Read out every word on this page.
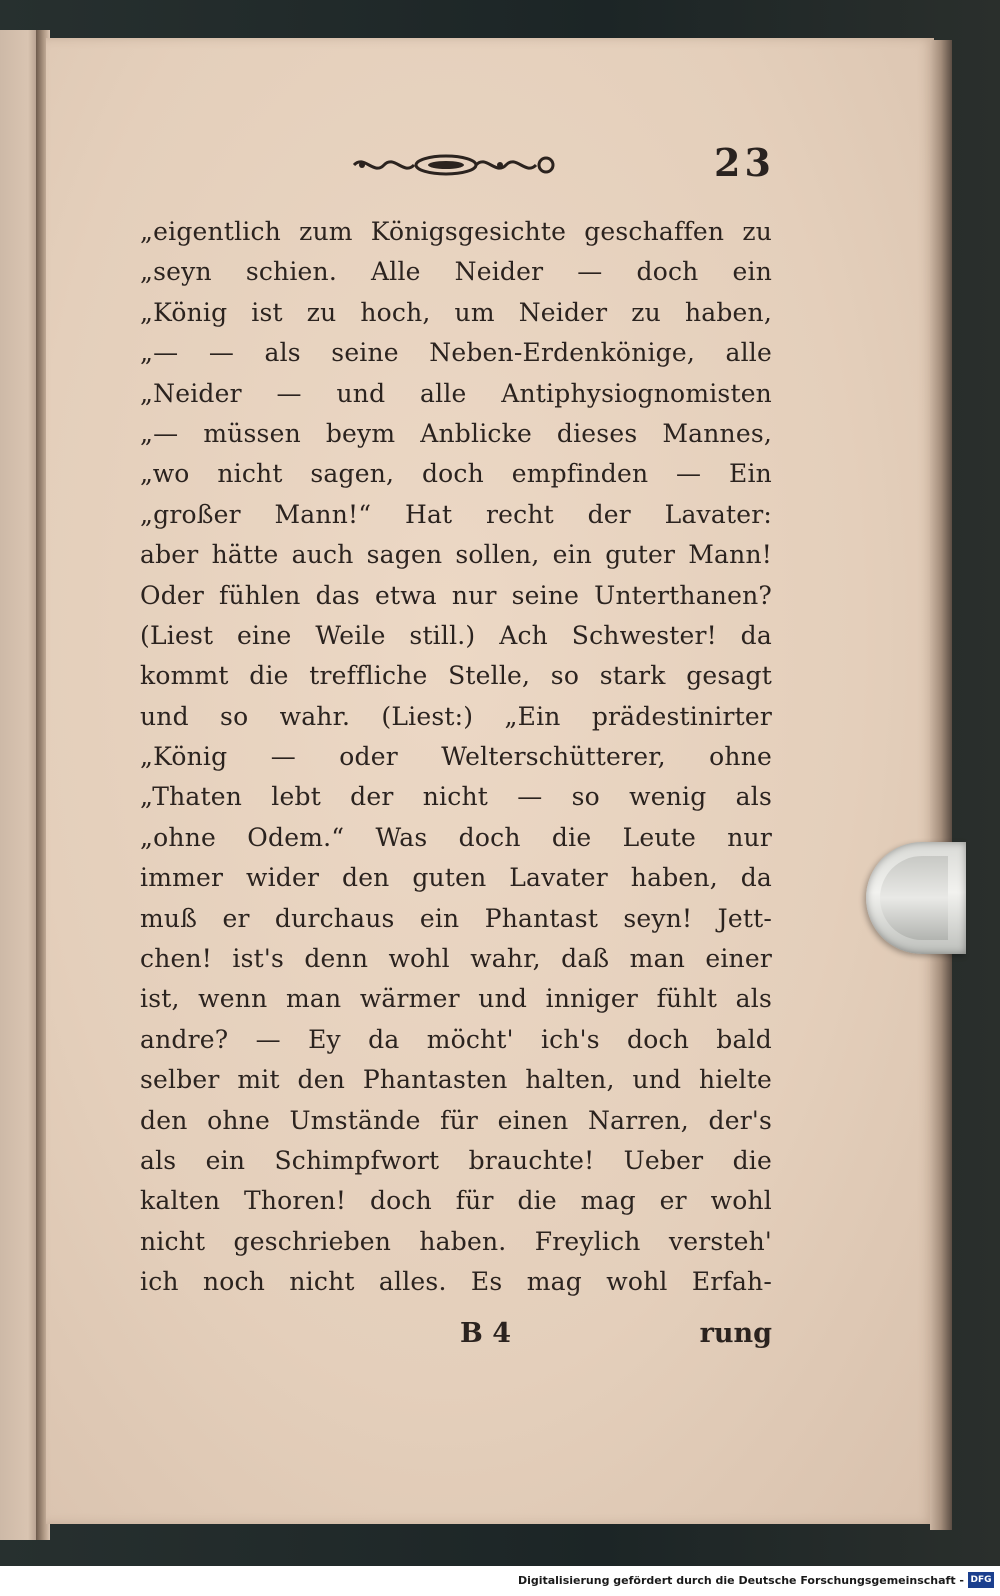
23
„eigentlich zum Königsgesichte geschaffen zu
„seyn schien. Alle Neider — doch ein
„König ist zu hoch, um Neider zu haben,
„— — als seine Neben-Erdenkönige, alle
„Neider — und alle Antiphysiognomisten
„— müssen beym Anblicke dieses Mannes,
„wo nicht sagen, doch empfinden — Ein
„großer Mann!“ Hat recht der Lavater:
aber hätte auch sagen sollen, ein guter Mann!
Oder fühlen das etwa nur seine Unterthanen?
(Liest eine Weile still.) Ach Schwester! da
kommt die treffliche Stelle, so stark gesagt
und so wahr. (Liest:) „Ein prädestinirter
„König — oder Welterschütterer, ohne
„Thaten lebt der nicht — so wenig als
„ohne Odem.“ Was doch die Leute nur
immer wider den guten Lavater haben, da
muß er durchaus ein Phantast seyn! Jett-
chen! ist's denn wohl wahr, daß man einer
ist, wenn man wärmer und inniger fühlt als
andre? — Ey da möcht' ich's doch bald
selber mit den Phantasten halten, und hielte
den ohne Umstände für einen Narren, der's
als ein Schimpfwort brauchte! Ueber die
kalten Thoren! doch für die mag er wohl
nicht geschrieben haben. Freylich versteh'
ich noch nicht alles. Es mag wohl Erfah-
B 4	rung
Digitalisierung gefördert durch die Deutsche Forschungsgemeinschaft - DFG
